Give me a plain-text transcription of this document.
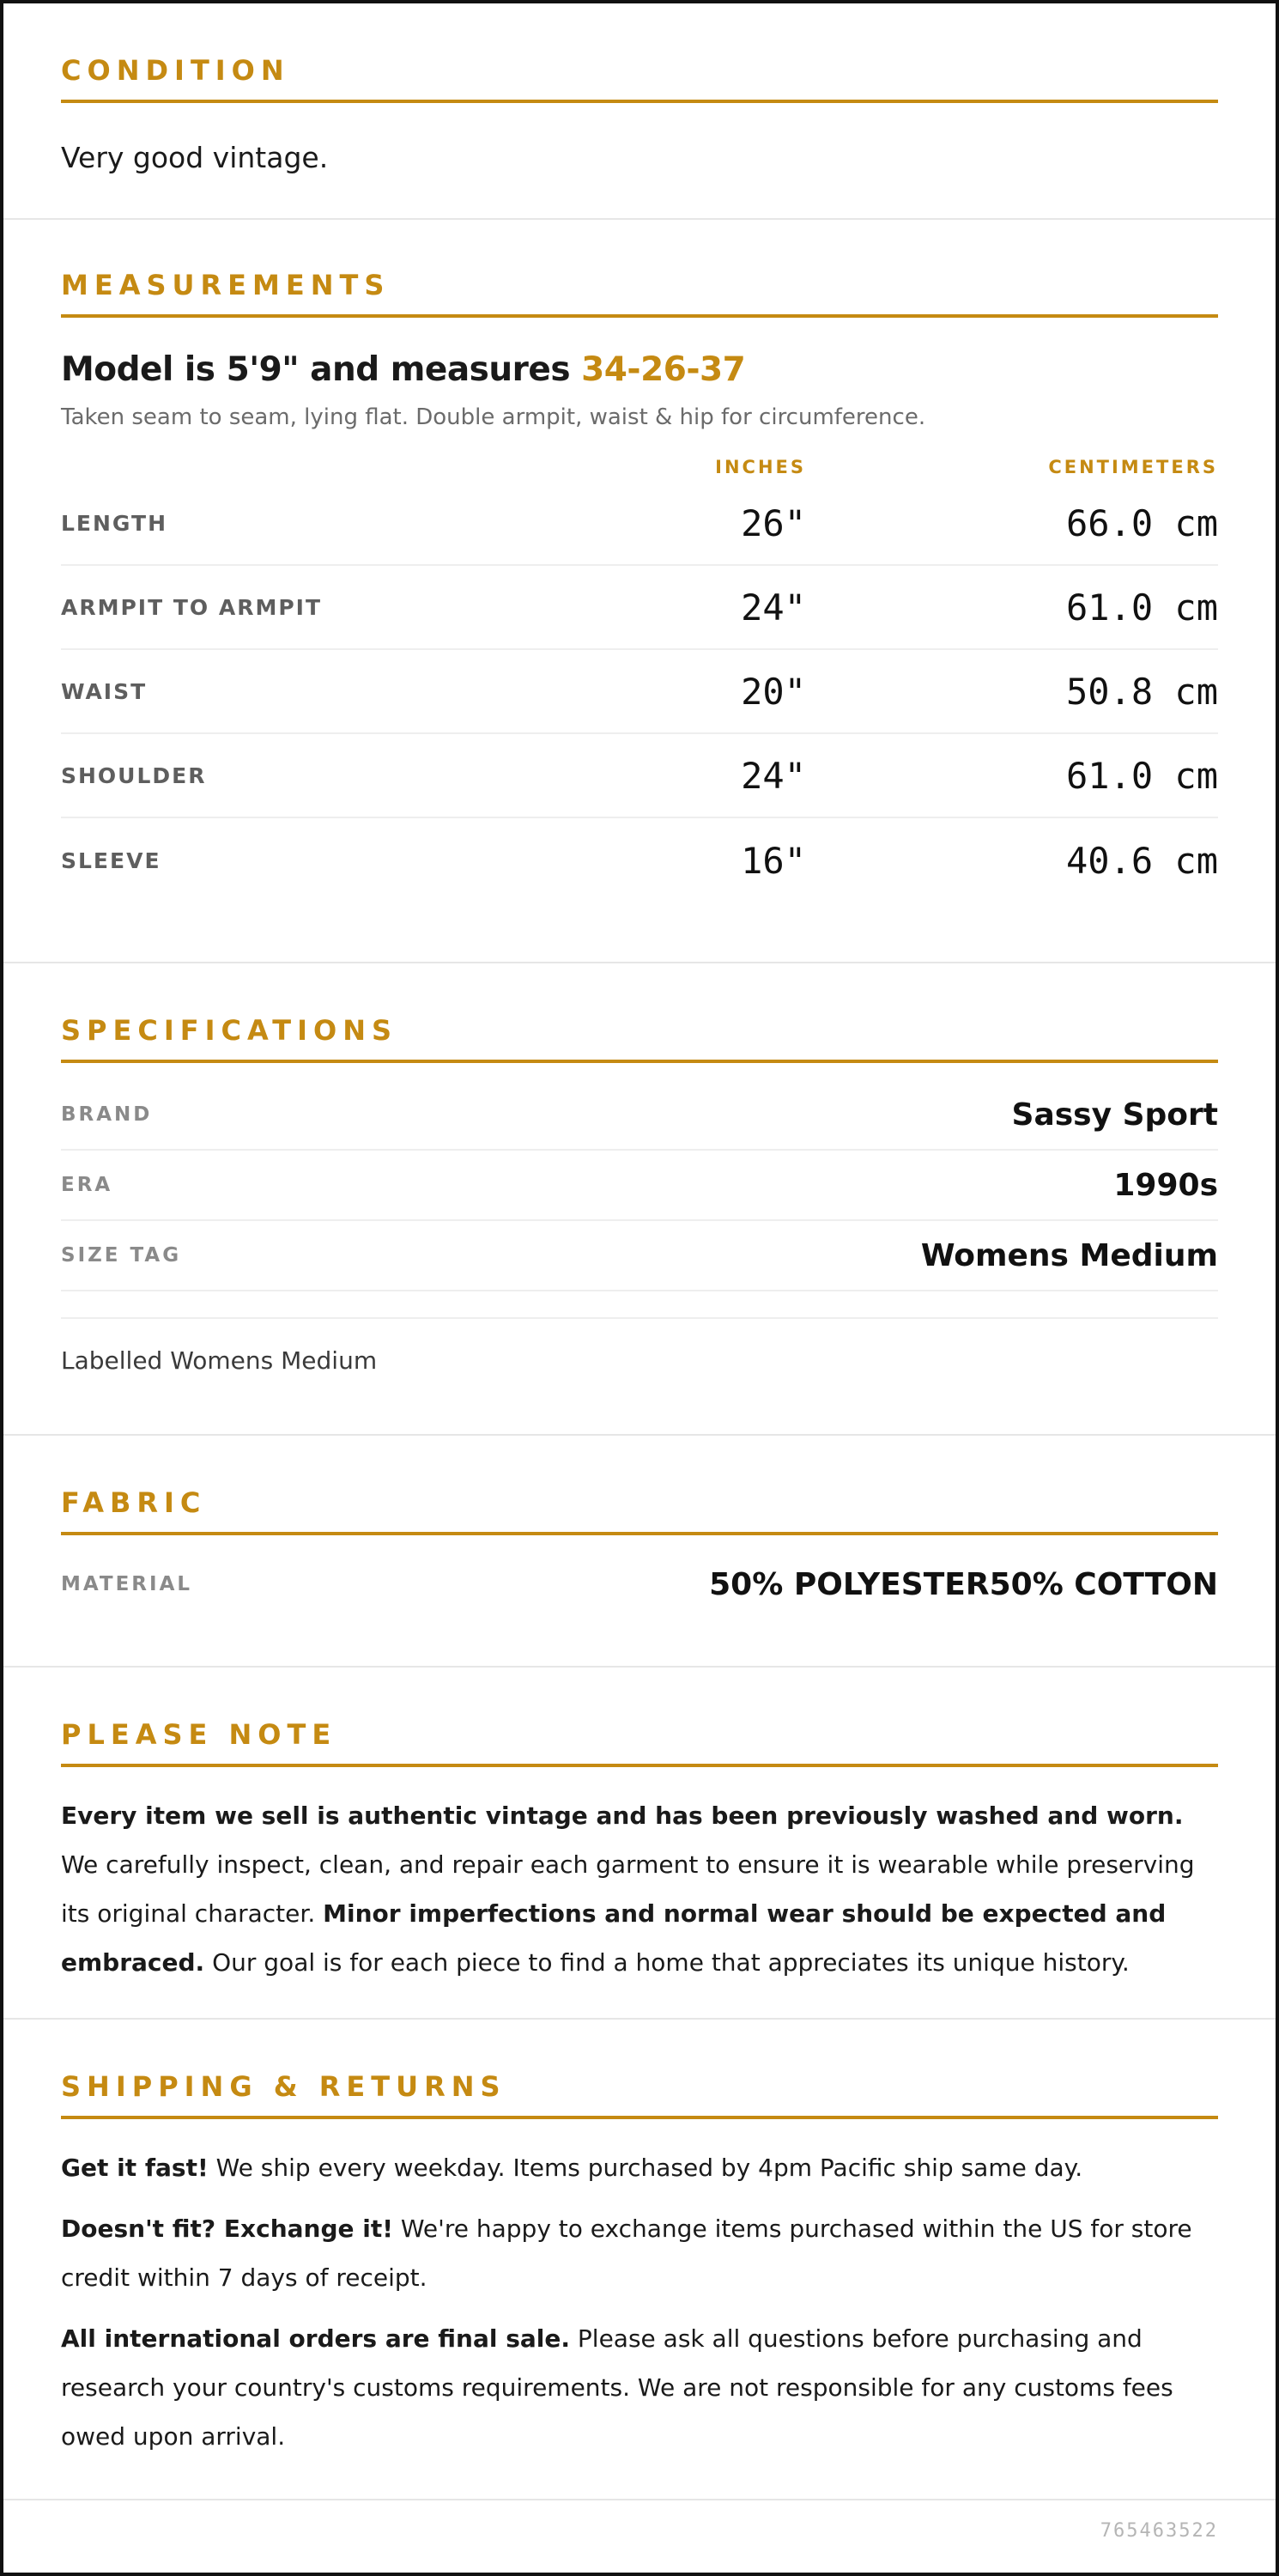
CONDITION
Very good vintage.
MEASUREMENTS
Model is 5'9" and measures 34-26-37
Taken seam to seam, lying flat. Double armpit, waist & hip for circumference.
INCHES	CENTIMETERS
LENGTH	26"	66.0 cm
ARMPIT TO ARMPIT	24"	61.0 cm
WAIST	20"	50.8 cm
SHOULDER	24"	61.0 cm
SLEEVE	16"	40.6 cm
SPECIFICATIONS
BRAND	Sassy Sport
ERA	1990s
SIZE TAG	Womens Medium
Labelled Womens Medium
FABRIC
MATERIAL	50% POLYESTER50% COTTON
PLEASE NOTE

Every item we sell is authentic vintage and has been previously washed and worn. We carefully inspect, clean, and repair each garment to ensure it is wearable while preserving its original character. Minor imperfections and normal wear should be expected and embraced. Our goal is for each piece to find a home that appreciates its unique history.

SHIPPING & RETURNS

Get it fast! We ship every weekday. Items purchased by 4pm Pacific ship same day.

Doesn't fit? Exchange it! We're happy to exchange items purchased within the US for store credit within 7 days of receipt.

All international orders are final sale. Please ask all questions before purchasing and research your country's customs requirements. We are not responsible for any customs fees owed upon arrival.

765463522
